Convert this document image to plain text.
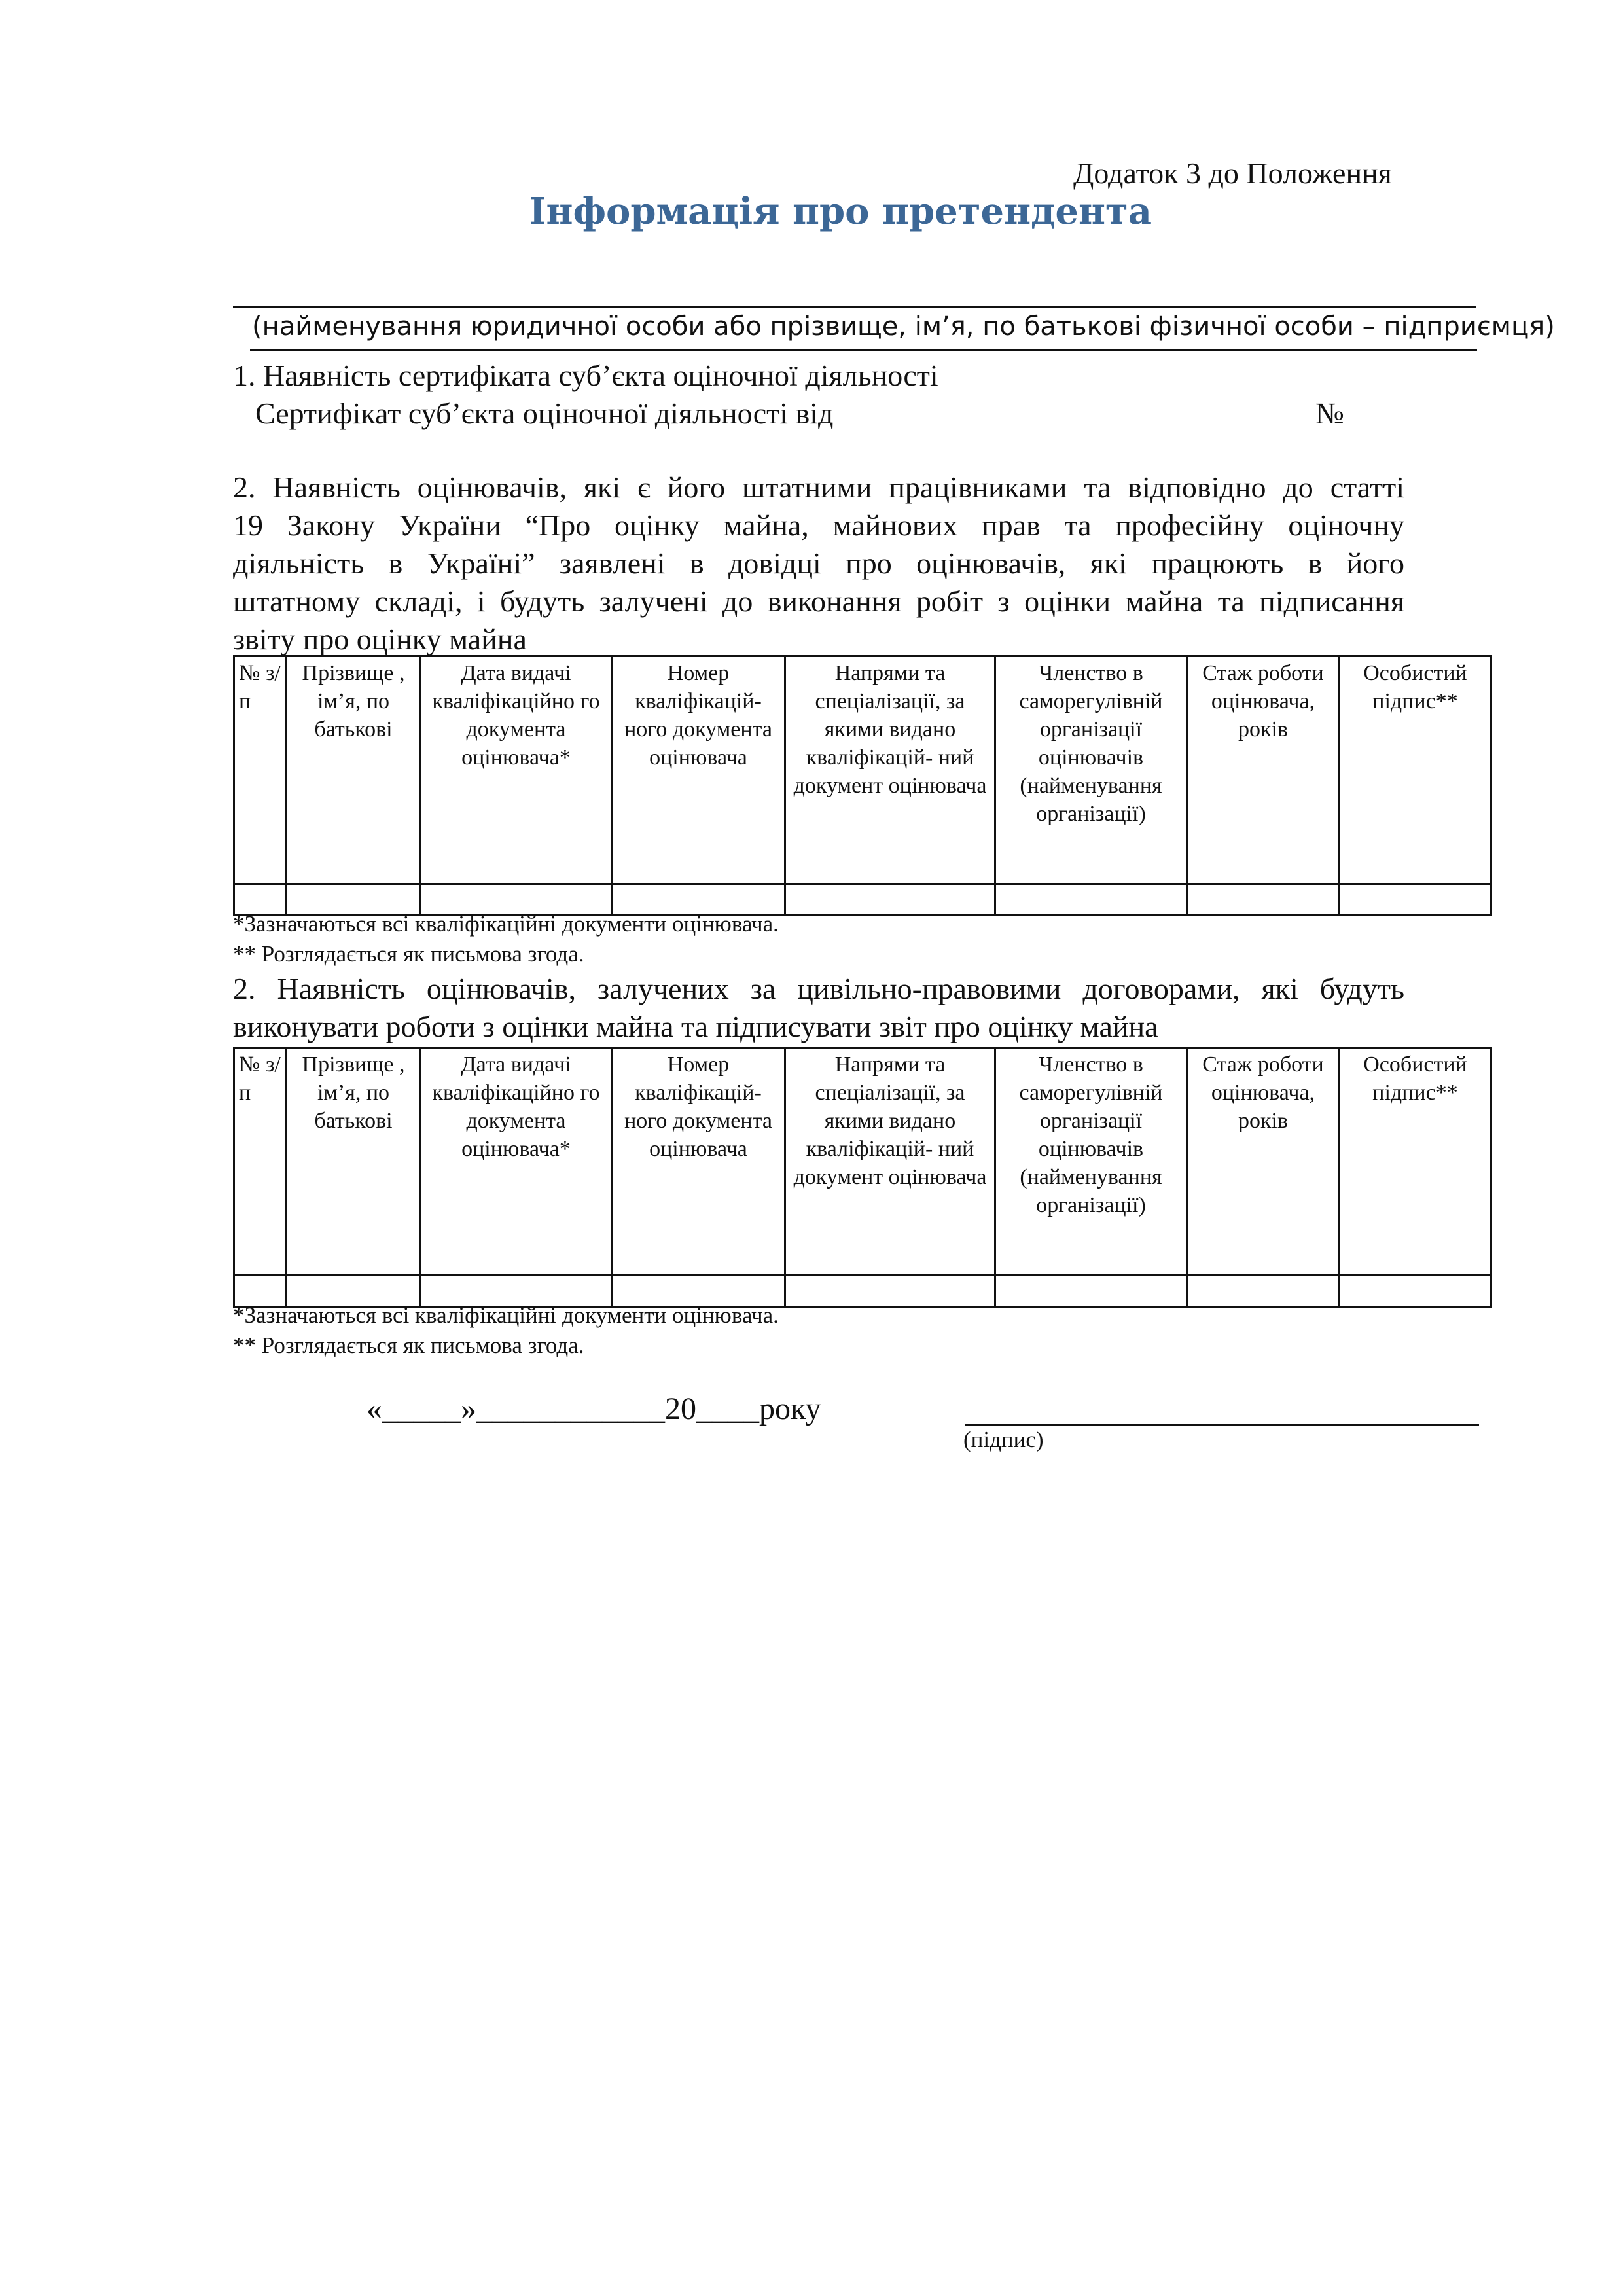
Додаток 3 до Положення
Інформація про претендента
(найменування юридичної особи або прізвище, ім’я, по батькові фізичної особи – підприємця)
1. Наявність сертифіката суб’єкта оціночної діяльності
Сертифікат суб’єкта оціночної діяльності від	№
2. Наявність оцінювачів, які є його штатними працівниками та відповідно до статті
19 Закону України “Про оцінку майна, майнових прав та професійну оціночну
діяльність в Україні” заявлені в довідці про оцінювачів, які працюють в його
штатному складі, і будуть залучені до виконання робіт з оцінки майна та підписання
звіту про оцінку майна
№ з/ п	Прізвище , ім’я, по батькові	Дата видачі кваліфікаційно го документа оцінювача*	Номер кваліфікацій- ного документа оцінювача	Напрями та спеціалізації, за якими видано кваліфікацій- ний документ оцінювача	Членство в саморегулівній організації оцінювачів (найменування організації)	Стаж роботи оцінювача, років	Особистий підпис**

*Зазначаються всі кваліфікаційні документи оцінювача.
** Розглядається як письмова згода.
2. Наявність оцінювачів, залучених за цивільно-правовими договорами, які будуть
виконувати роботи з оцінки майна та підписувати звіт про оцінку майна
№ з/ п	Прізвище , ім’я, по батькові	Дата видачі кваліфікаційно го документа оцінювача*	Номер кваліфікацій- ного документа оцінювача	Напрями та спеціалізації, за якими видано кваліфікацій- ний документ оцінювача	Членство в саморегулівній організації оцінювачів (найменування організації)	Стаж роботи оцінювача, років	Особистий підпис**

*Зазначаються всі кваліфікаційні документи оцінювача.
** Розглядається як письмова згода.
«_____»____________20____року
(підпис)
